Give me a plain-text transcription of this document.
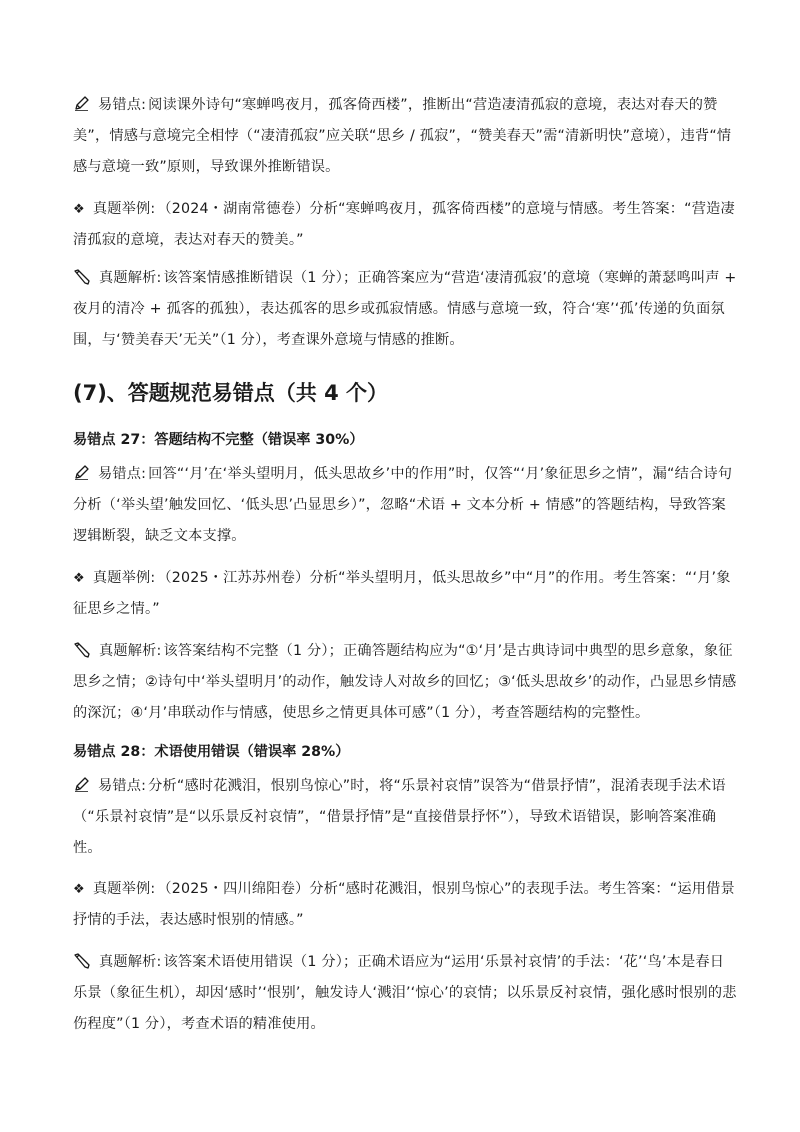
易错点: 阅读课外诗句“寒蝉鸣夜月，孤客倚西楼”，推断出“营造凄清孤寂的意境，表达对春天的赞美”，情感与意境完全相悖（“凄清孤寂”应关联“思乡 / 孤寂”，“赞美春天”需“清新明快”意境），违背“情感与意境一致”原则，导致课外推断错误。

❖ 真题举例: （2024・湖南常德卷）分析“寒蝉鸣夜月，孤客倚西楼”的意境与情感。考生答案：“营造凄清孤寂的意境，表达对春天的赞美。”

真题解析: 该答案情感推断错误（1 分）；正确答案应为“营造‘凄清孤寂’的意境（寒蝉的萧瑟鸣叫声 + 夜月的清冷 + 孤客的孤独），表达孤客的思乡或孤寂情感。情感与意境一致，符合‘寒’‘孤’传递的负面氛围，与‘赞美春天’无关”（1 分），考查课外意境与情感的推断。

(7)、答题规范易错点（共 4 个）
易错点 27：答题结构不完整（错误率 30%）

易错点: 回答“‘月’在‘举头望明月，低头思故乡’中的作用”时，仅答“‘月’象征思乡之情”，漏“结合诗句分析（‘举头望’触发回忆、‘低头思’凸显思乡）”，忽略“术语 + 文本分析 + 情感”的答题结构，导致答案逻辑断裂，缺乏文本支撑。

❖ 真题举例: （2025・江苏苏州卷）分析“举头望明月，低头思故乡”中“月”的作用。考生答案：“‘月’象征思乡之情。”

真题解析: 该答案结构不完整（1 分）；正确答题结构应为“①‘月’是古典诗词中典型的思乡意象，象征思乡之情；②诗句中‘举头望明月’的动作，触发诗人对故乡的回忆；③‘低头思故乡’的动作，凸显思乡情感的深沉；④‘月’串联动作与情感，使思乡之情更具体可感”（1 分），考查答题结构的完整性。

易错点 28：术语使用错误（错误率 28%）

易错点: 分析“感时花溅泪，恨别鸟惊心”时，将“乐景衬哀情”误答为“借景抒情”，混淆表现手法术语（“乐景衬哀情”是“以乐景反衬哀情”，“借景抒情”是“直接借景抒怀”），导致术语错误，影响答案准确性。

❖ 真题举例: （2025・四川绵阳卷）分析“感时花溅泪，恨别鸟惊心”的表现手法。考生答案：“运用借景抒情的手法，表达感时恨别的情感。”

真题解析: 该答案术语使用错误（1 分）；正确术语应为“运用‘乐景衬哀情’的手法：‘花’‘鸟’本是春日乐景（象征生机），却因‘感时’‘恨别’，触发诗人‘溅泪’‘惊心’的哀情；以乐景反衬哀情，强化感时恨别的悲伤程度”（1 分），考查术语的精准使用。
